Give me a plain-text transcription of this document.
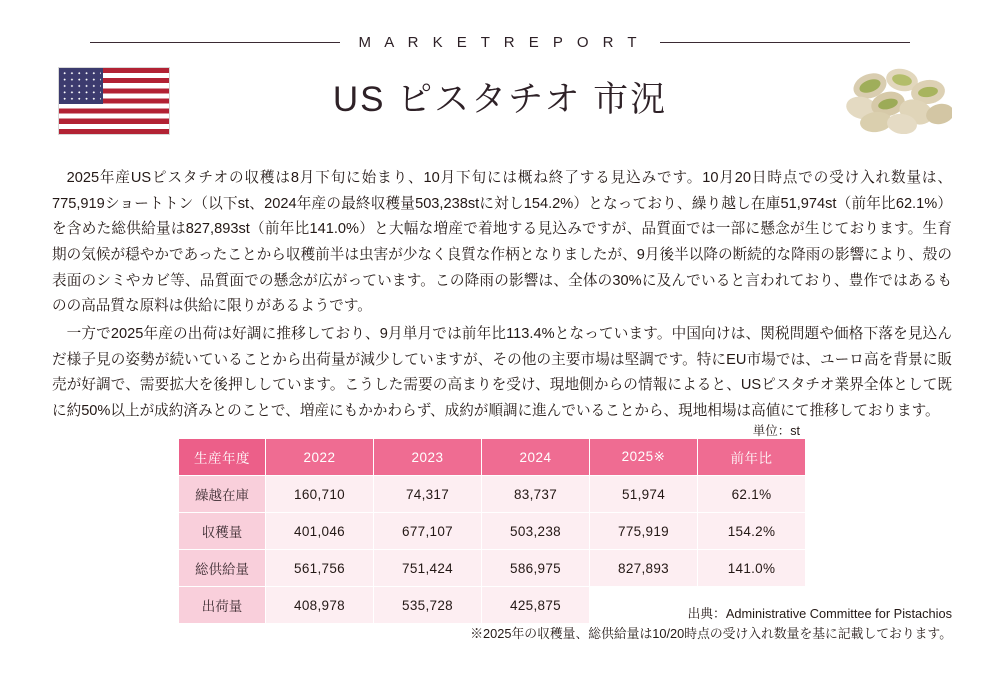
M A R K E T R E P O R T
US ピスタチオ 市況

2025年産USピスタチオの収穫は8月下旬に始まり、10月下旬には概ね終了する見込みです。10月20日時点での受け入れ数量は、775,919ショートトン（以下st、2024年産の最終収穫量503,238stに対し154.2%）となっており、繰り越し在庫51,974st（前年比62.1%）を含めた総供給量は827,893st（前年比141.0%）と大幅な増産で着地する見込みですが、品質面では一部に懸念が生じております。生育期の気候が穏やかであったことから収穫前半は虫害が少なく良質な作柄となりましたが、9月後半以降の断続的な降雨の影響により、殻の表面のシミやカビ等、品質面での懸念が広がっています。この降雨の影響は、全体の30%に及んでいると言われており、豊作ではあるものの高品質な原料は供給に限りがあるようです。

一方で2025年産の出荷は好調に推移しており、9月単月では前年比113.4%となっています。中国向けは、関税問題や価格下落を見込んだ様子見の姿勢が続いていることから出荷量が減少していますが、その他の主要市場は堅調です。特にEU市場では、ユーロ高を背景に販売が好調で、需要拡大を後押ししています。こうした需要の高まりを受け、現地側からの情報によると、USピスタチオ業界全体として既に約50%以上が成約済みとのことで、増産にもかかわらず、成約が順調に進んでいることから、現地相場は高値にて推移しております。

単位：st
生産年度	2022	2023	2024	2025※	前年比
繰越在庫	160,710	74,317	83,737	51,974	62.1%
収穫量	401,046	677,107	503,238	775,919	154.2%
総供給量	561,756	751,424	586,975	827,893	141.0%
出荷量	408,978	535,728	425,875		
出典：Administrative Committee for Pistachios
※2025年の収穫量、総供給量は10/20時点の受け入れ数量を基に記載しております。
